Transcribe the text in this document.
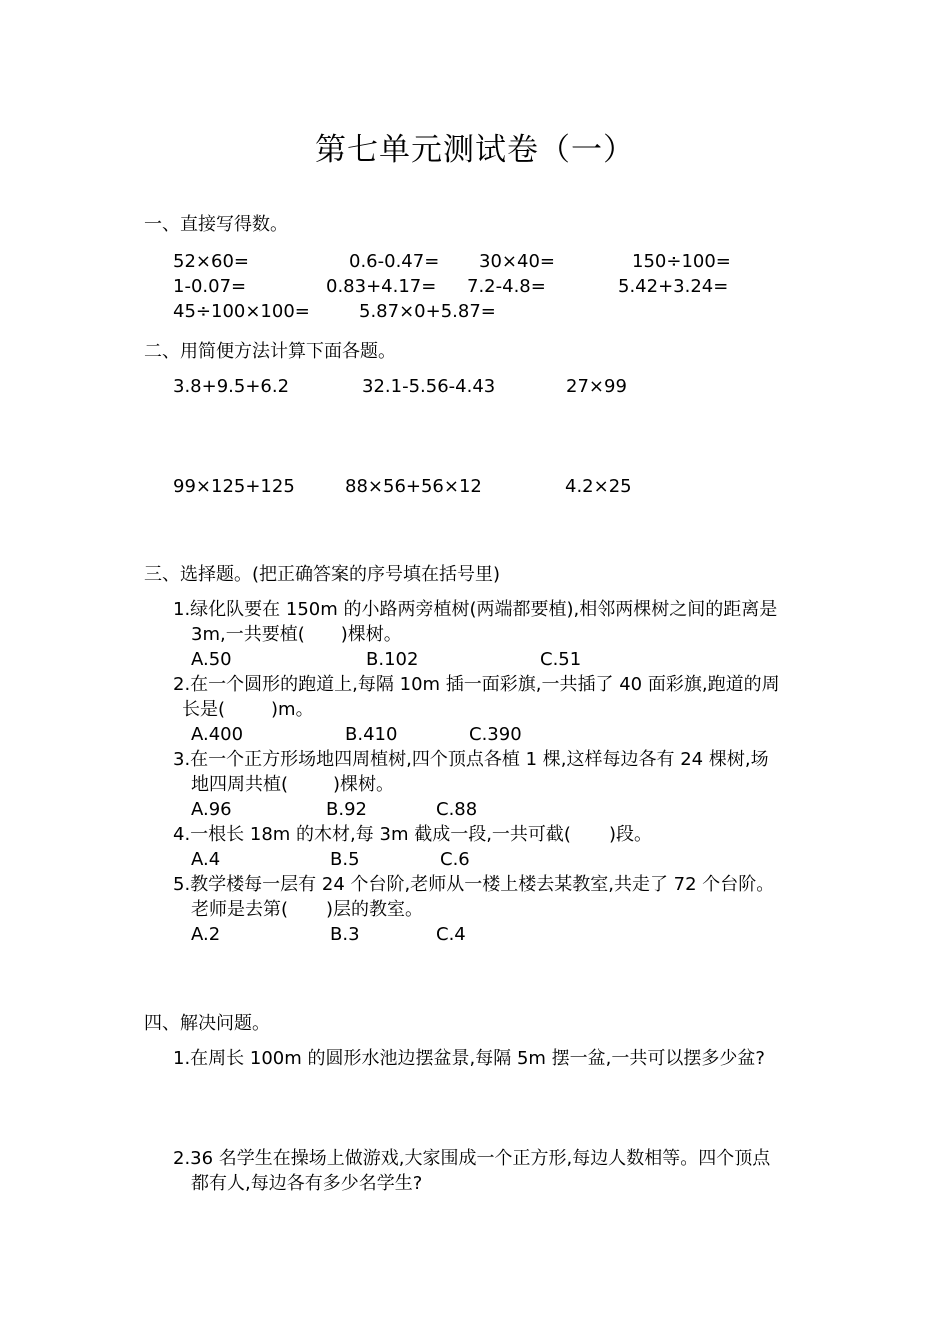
第七单元测试卷（一）
一、直接写得数。
52×60=	0.6-0.47= 30×40=	150÷100=
1-0.07=	0.83+4.17= 7.2-4.8=	5.42+3.24=
45÷100×100=	5.87×0+5.87=
二、用简便方法计算下面各题。
3.8+9.5+6.2	32.1-5.56-4.43	27×99
99×125+125	88×56+56×12	4.2×25
三、选择题。(把正确答案的序号填在括号里)
1.绿化队要在 150m 的小路两旁植树(两端都要植),相邻两棵树之间的距离是
3m,一共要植( )棵树。
A.50	B.102	C.51
2.在一个圆形的跑道上,每隔 10m 插一面彩旗,一共插了 40 面彩旗,跑道的周
长是(	)m。
A.400	B.410	C.390
3.在一个正方形场地四周植树,四个顶点各植 1 棵,这样每边各有 24 棵树,场
地四周共植(	)棵树。
A.96	B.92	C.88
4.一根长 18m 的木材,每 3m 截成一段,一共可截( )段。
A.4	B.5	C.6
5.教学楼每一层有 24 个台阶,老师从一楼上楼去某教室,共走了 72 个台阶。
老师是去第( )层的教室。
A.2	B.3	C.4
四、解决问题。
1.在周长 100m 的圆形水池边摆盆景,每隔 5m 摆一盆,一共可以摆多少盆?
2.36 名学生在操场上做游戏,大家围成一个正方形,每边人数相等。四个顶点
都有人,每边各有多少名学生?
